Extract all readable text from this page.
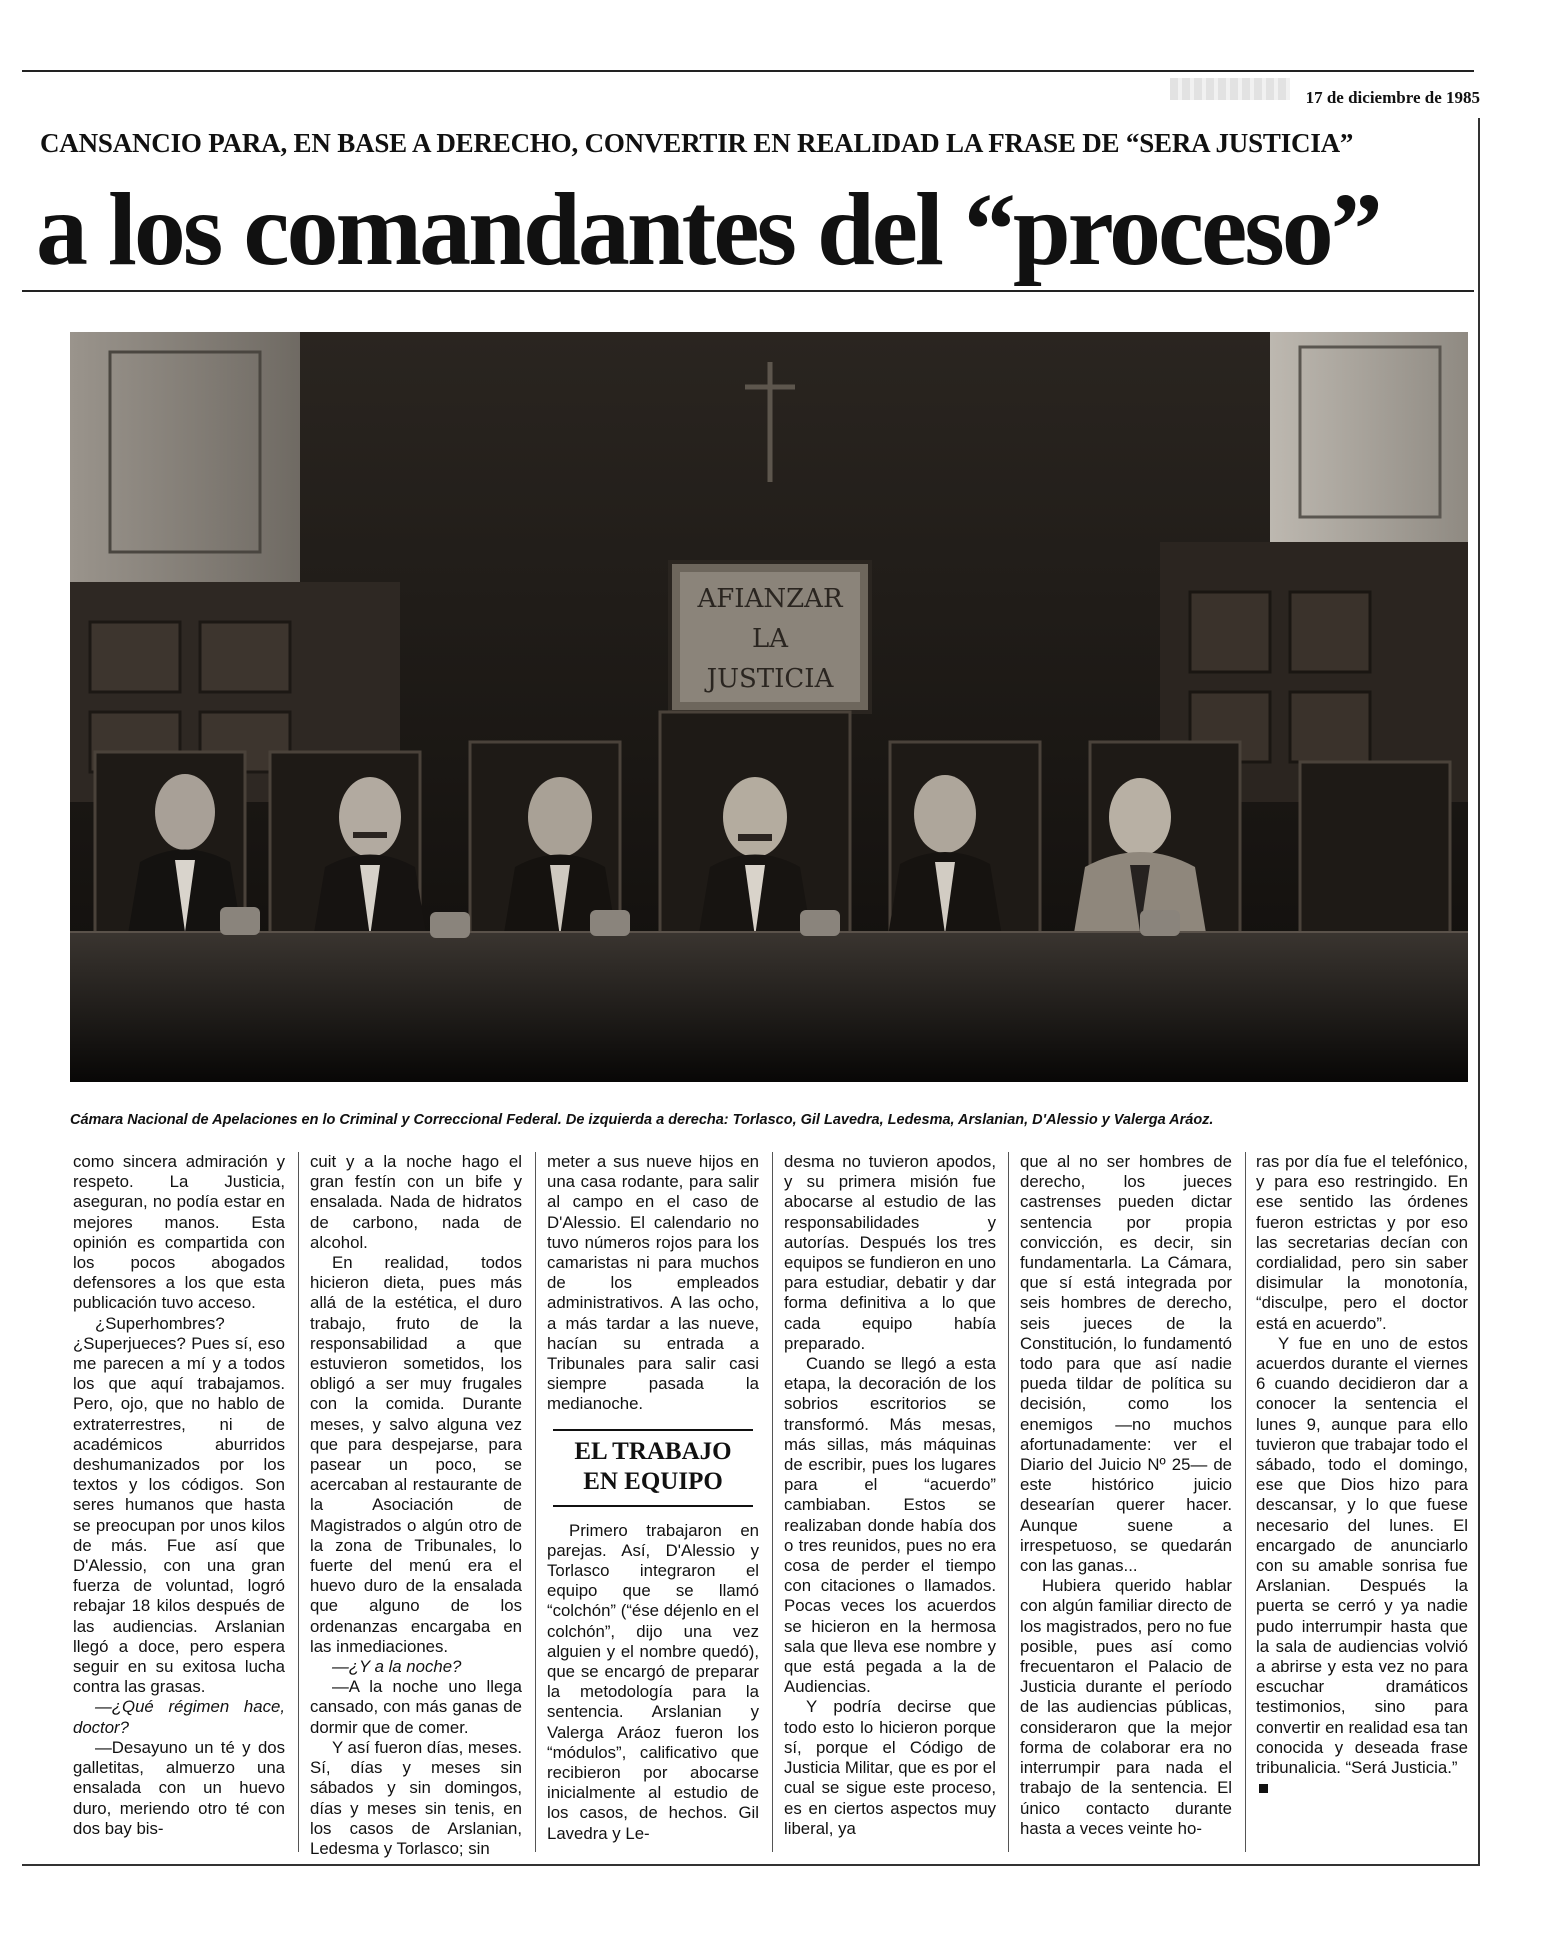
17 de diciembre de 1985
CANSANCIO PARA, EN BASE A DERECHO, CONVERTIR EN REALIDAD LA FRASE DE “SERA JUSTICIA”
a los comandantes del “proceso”
AFIANZAR
LA
JUSTICIA
Cámara Nacional de Apelaciones en lo Criminal y Correccional Federal. De izquierda a derecha: Torlasco, Gil Lavedra, Ledesma, Arslanian, D'Alessio y Valerga Aráoz.

como sincera admiración y respeto. La Justicia, aseguran, no podía estar en mejores manos. Esta opinión es compartida con los pocos abogados defensores a los que esta publicación tuvo acceso.

¿Superhombres? ¿Superjueces? Pues sí, eso me parecen a mí y a todos los que aquí trabajamos. Pero, ojo, que no hablo de extraterrestres, ni de académicos aburridos deshumanizados por los textos y los códigos. Son seres humanos que hasta se preocupan por unos kilos de más. Fue así que D'Alessio, con una gran fuerza de voluntad, logró rebajar 18 kilos después de las audiencias. Arslanian llegó a doce, pero espera seguir en su exitosa lucha contra las grasas.

—¿Qué régimen hace, doctor?

—Desayuno un té y dos galletitas, almuerzo una ensalada con un huevo duro, meriendo otro té con dos bay bis-

cuit y a la noche hago el gran festín con un bife y ensalada. Nada de hidratos de carbono, nada de alcohol.

En realidad, todos hicieron dieta, pues más allá de la estética, el duro trabajo, fruto de la responsabilidad a que estuvieron sometidos, los obligó a ser muy frugales con la comida. Durante meses, y salvo alguna vez que para despejarse, para pasear un poco, se acercaban al restaurante de la Asociación de Magistrados o algún otro de la zona de Tribunales, lo fuerte del menú era el huevo duro de la ensalada que alguno de los ordenanzas encargaba en las inmediaciones.

—¿Y a la noche?

—A la noche uno llega cansado, con más ganas de dormir que de comer.

Y así fueron días, meses. Sí, días y meses sin sábados y sin domingos, días y meses sin tenis, en los casos de Arslanian, Ledesma y Torlasco; sin

meter a sus nueve hijos en una casa rodante, para salir al campo en el caso de D'Alessio. El calendario no tuvo números rojos para los camaristas ni para muchos de los empleados administrativos. A las ocho, a más tardar a las nueve, hacían su entrada a Tribunales para salir casi siempre pasada la medianoche.

EL TRABAJO
EN EQUIPO

Primero trabajaron en parejas. Así, D'Alessio y Torlasco integraron el equipo que se llamó “colchón” (“ése déjenlo en el colchón”, dijo una vez alguien y el nombre quedó), que se encargó de preparar la metodología para la sentencia. Arslanian y Valerga Aráoz fueron los “módulos”, calificativo que recibieron por abocarse inicialmente al estudio de los casos, de hechos. Gil Lavedra y Le-

desma no tuvieron apodos, y su primera misión fue abocarse al estudio de las responsabilidades y autorías. Después los tres equipos se fundieron en uno para estudiar, debatir y dar forma definitiva a lo que cada equipo había preparado.

Cuando se llegó a esta etapa, la decoración de los sobrios escritorios se transformó. Más mesas, más sillas, más máquinas de escribir, pues los lugares para el “acuerdo” cambiaban. Estos se realizaban donde había dos o tres reunidos, pues no era cosa de perder el tiempo con citaciones o llamados. Pocas veces los acuerdos se hicieron en la hermosa sala que lleva ese nombre y que está pegada a la de Audiencias.

Y podría decirse que todo esto lo hicieron porque sí, porque el Código de Justicia Militar, que es por el cual se sigue este proceso, es en ciertos aspectos muy liberal, ya

que al no ser hombres de derecho, los jueces castrenses pueden dictar sentencia por propia convicción, es decir, sin fundamentarla. La Cámara, que sí está integrada por seis hombres de derecho, seis jueces de la Constitución, lo fundamentó todo para que así nadie pueda tildar de política su decisión, como los enemigos —no muchos afortunadamente: ver el Diario del Juicio Nº 25— de este histórico juicio desearían querer hacer. Aunque suene a irrespetuoso, se quedarán con las ganas...

Hubiera querido hablar con algún familiar directo de los magistrados, pero no fue posible, pues así como frecuentaron el Palacio de Justicia durante el período de las audiencias públicas, consideraron que la mejor forma de colaborar era no interrumpir para nada el trabajo de la sentencia. El único contacto durante hasta a veces veinte ho-

ras por día fue el telefónico, y para eso restringido. En ese sentido las órdenes fueron estrictas y por eso las secretarias decían con cordialidad, pero sin saber disimular la monotonía, “disculpe, pero el doctor está en acuerdo”.

Y fue en uno de estos acuerdos durante el viernes 6 cuando decidieron dar a conocer la sentencia el lunes 9, aunque para ello tuvieron que trabajar todo el sábado, todo el domingo, ese que Dios hizo para descansar, y lo que fuese necesario del lunes. El encargado de anunciarlo con su amable sonrisa fue Arslanian. Después la puerta se cerró y ya nadie pudo interrumpir hasta que la sala de audiencias volvió a abrirse y esta vez no para escuchar dramáticos testimonios, sino para convertir en realidad esa tan conocida y deseada frase tribunalicia. “Será Justicia.”
